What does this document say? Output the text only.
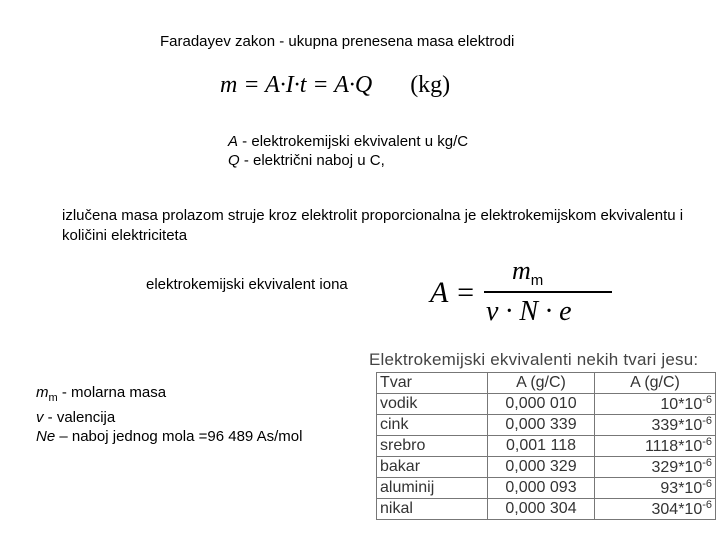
Faradayev zakon - ukupna prenesena masa elektrodi
m = A·I·t = A·Q (kg)
A - elektrokemijski ekvivalent u kg/C
Q - električni naboj u C,
izlučena masa prolazom struje kroz elektrolit proporcionalna je elektrokemijskom ekvivalentu i količini elektriciteta
elektrokemijski ekvivalent iona	A =
$m_m$
ν · N · e
$m_m$ - molarna masa
v - valencija
Ne – naboj jednog mola =96 489 As/mol
Elektrokemijski ekvivalenti nekih tvari jesu:
Tvar	A (g/C)	A (g/C)
vodik	0,000 010	$10*10^{-6}$
cink	0,000 339	$339*10^{-6}$
srebro	0,001 118	$1118*10^{-6}$
bakar	0,000 329	$329*10^{-6}$
aluminij	0,000 093	$93*10^{-6}$
nikal	0,000 304	$304*10^{-6}$
